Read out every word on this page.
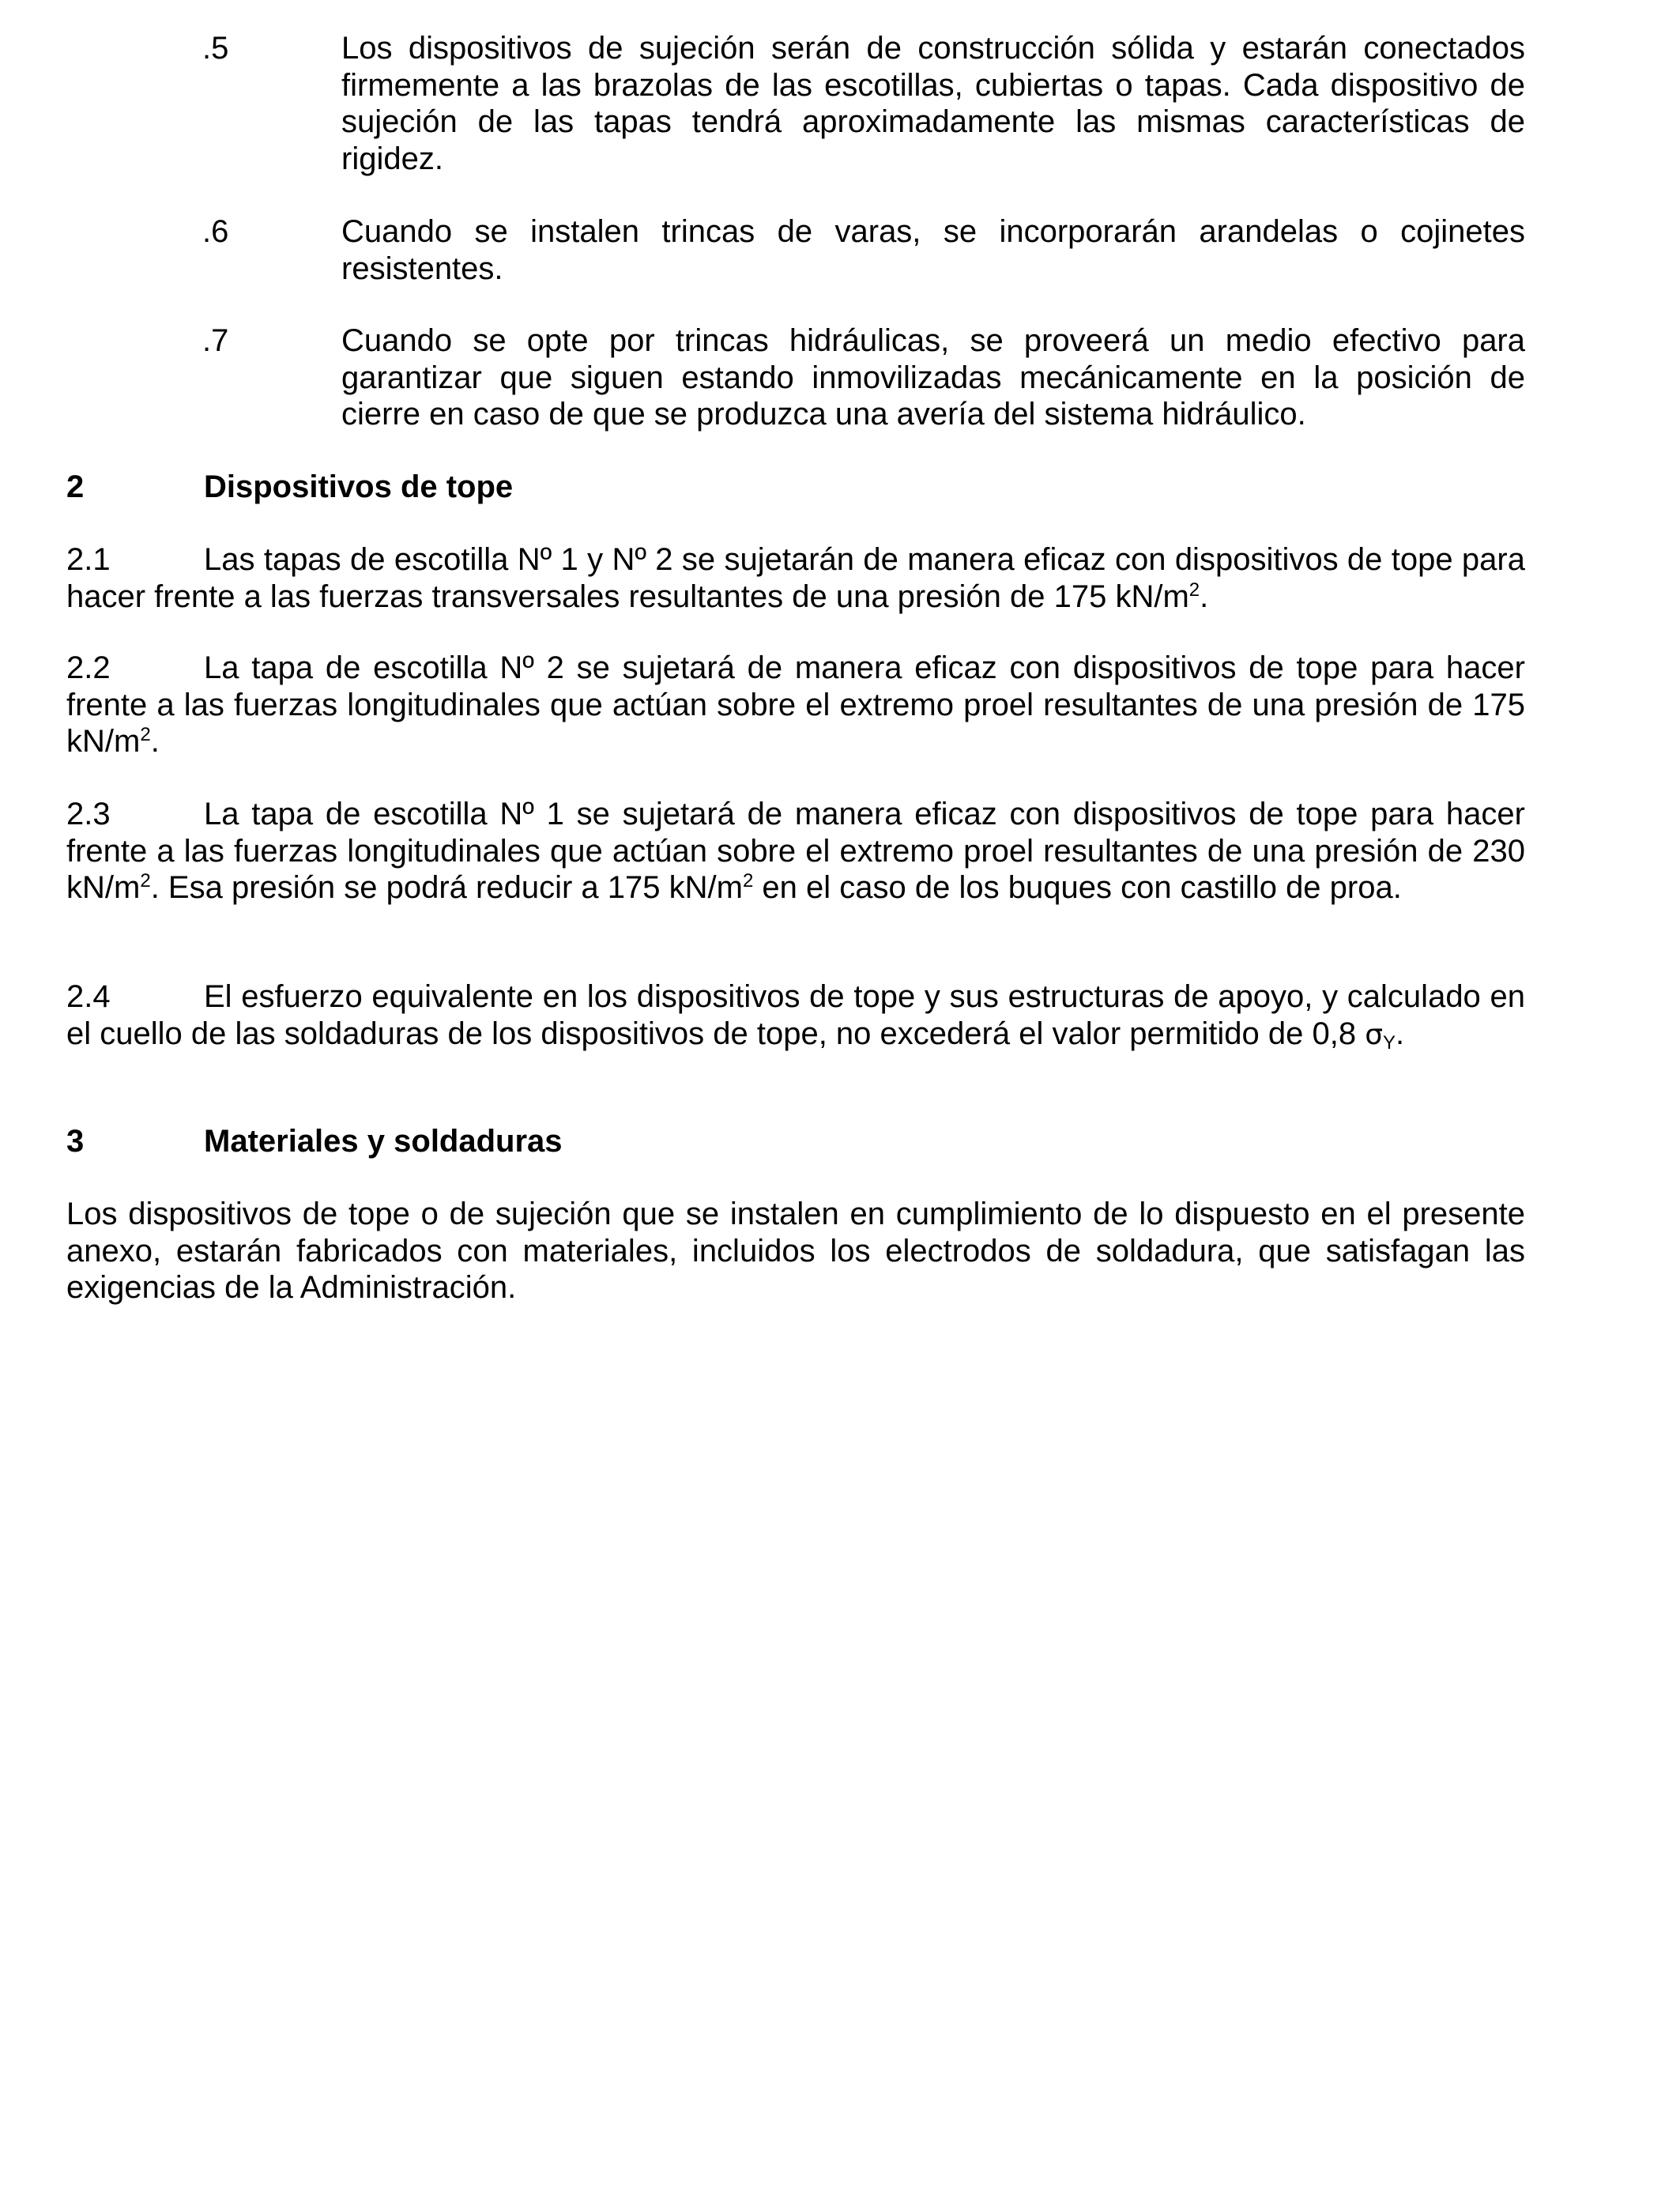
.5	Los dispositivos de sujeción serán de construcción sólida y estarán conectados firmemente a las brazolas de las escotillas, cubiertas o tapas. Cada dispositivo de sujeción de las tapas tendrá aproximadamente las mismas características de rigidez.
.6	Cuando se instalen trincas de varas, se incorporarán arandelas o cojinetes resistentes.
.7	Cuando se opte por trincas hidráulicas, se proveerá un medio efectivo para garantizar que siguen estando inmovilizadas mecánicamente en la posición de cierre en caso de que se produzca una avería del sistema hidráulico.
2	Dispositivos de tope
2.1	Las tapas de escotilla Nº 1 y Nº 2 se sujetarán de manera eficaz con dispositivos de tope para hacer frente a las fuerzas transversales resultantes de una presión de 175 $kN/m^2$.
2.2	La tapa de escotilla Nº 2 se sujetará de manera eficaz con dispositivos de tope para hacer frente a las fuerzas longitudinales que actúan sobre el extremo proel resultantes de una presión de 175 $kN/m^2$.
2.3	La tapa de escotilla Nº 1 se sujetará de manera eficaz con dispositivos de tope para hacer frente a las fuerzas longitudinales que actúan sobre el extremo proel resultantes de una presión de 230 $kN/m^2$. Esa presión se podrá reducir a 175 $kN/m^2$ en el caso de los buques con castillo de proa.
2.4	El esfuerzo equivalente en los dispositivos de tope y sus estructuras de apoyo, y calculado en el cuello de las soldaduras de los dispositivos de tope, no excederá el valor permitido de 0,8 $\sigma_Y$.
3	Materiales y soldaduras
Los dispositivos de tope o de sujeción que se instalen en cumplimiento de lo dispuesto en el presente anexo, estarán fabricados con materiales, incluidos los electrodos de soldadura, que satisfagan las exigencias de la Administración.
